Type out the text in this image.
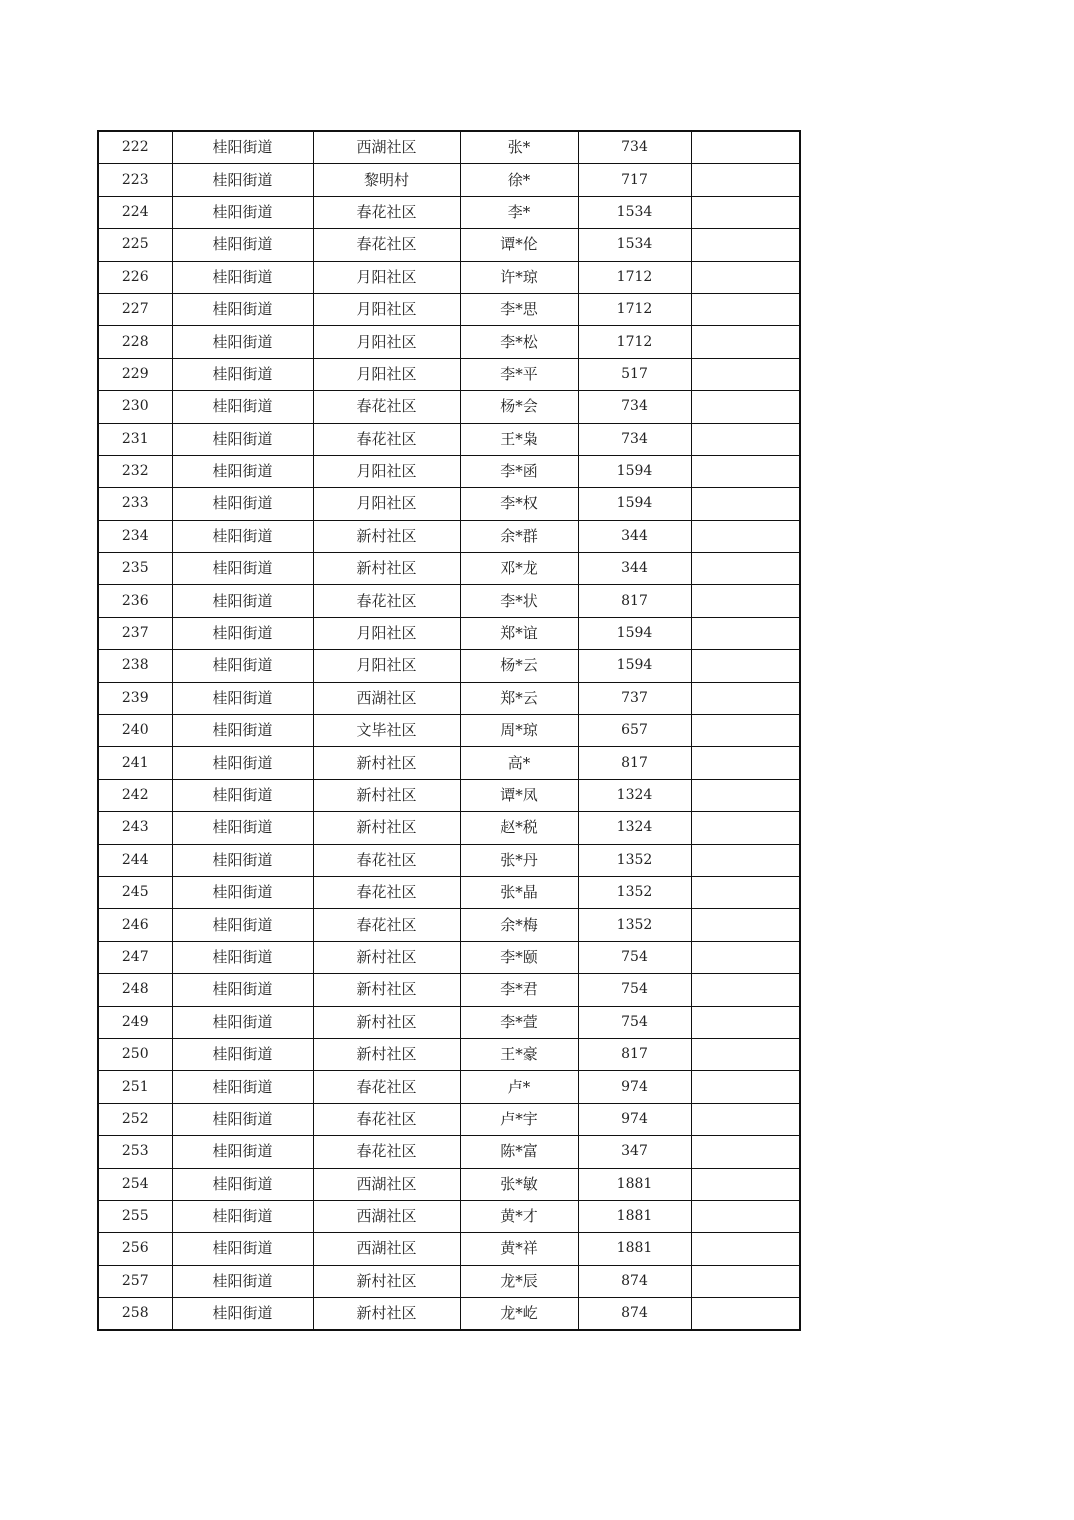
222	桂阳街道	西湖社区	张*	734	
223	桂阳街道	黎明村	徐*	717	
224	桂阳街道	春花社区	李*	1534	
225	桂阳街道	春花社区	谭*伦	1534	
226	桂阳街道	月阳社区	许*琼	1712	
227	桂阳街道	月阳社区	李*思	1712	
228	桂阳街道	月阳社区	李*松	1712	
229	桂阳街道	月阳社区	李*平	517	
230	桂阳街道	春花社区	杨*会	734	
231	桂阳街道	春花社区	王*枭	734	
232	桂阳街道	月阳社区	李*函	1594	
233	桂阳街道	月阳社区	李*权	1594	
234	桂阳街道	新村社区	余*群	344	
235	桂阳街道	新村社区	邓*龙	344	
236	桂阳街道	春花社区	李*状	817	
237	桂阳街道	月阳社区	郑*谊	1594	
238	桂阳街道	月阳社区	杨*云	1594	
239	桂阳街道	西湖社区	郑*云	737	
240	桂阳街道	文毕社区	周*琼	657	
241	桂阳街道	新村社区	高*	817	
242	桂阳街道	新村社区	谭*凤	1324	
243	桂阳街道	新村社区	赵*税	1324	
244	桂阳街道	春花社区	张*丹	1352	
245	桂阳街道	春花社区	张*晶	1352	
246	桂阳街道	春花社区	余*梅	1352	
247	桂阳街道	新村社区	李*颐	754	
248	桂阳街道	新村社区	李*君	754	
249	桂阳街道	新村社区	李*萱	754	
250	桂阳街道	新村社区	王*豪	817	
251	桂阳街道	春花社区	卢*	974	
252	桂阳街道	春花社区	卢*宇	974	
253	桂阳街道	春花社区	陈*富	347	
254	桂阳街道	西湖社区	张*敏	1881	
255	桂阳街道	西湖社区	黄*才	1881	
256	桂阳街道	西湖社区	黄*祥	1881	
257	桂阳街道	新村社区	龙*辰	874	
258	桂阳街道	新村社区	龙*屹	874	
